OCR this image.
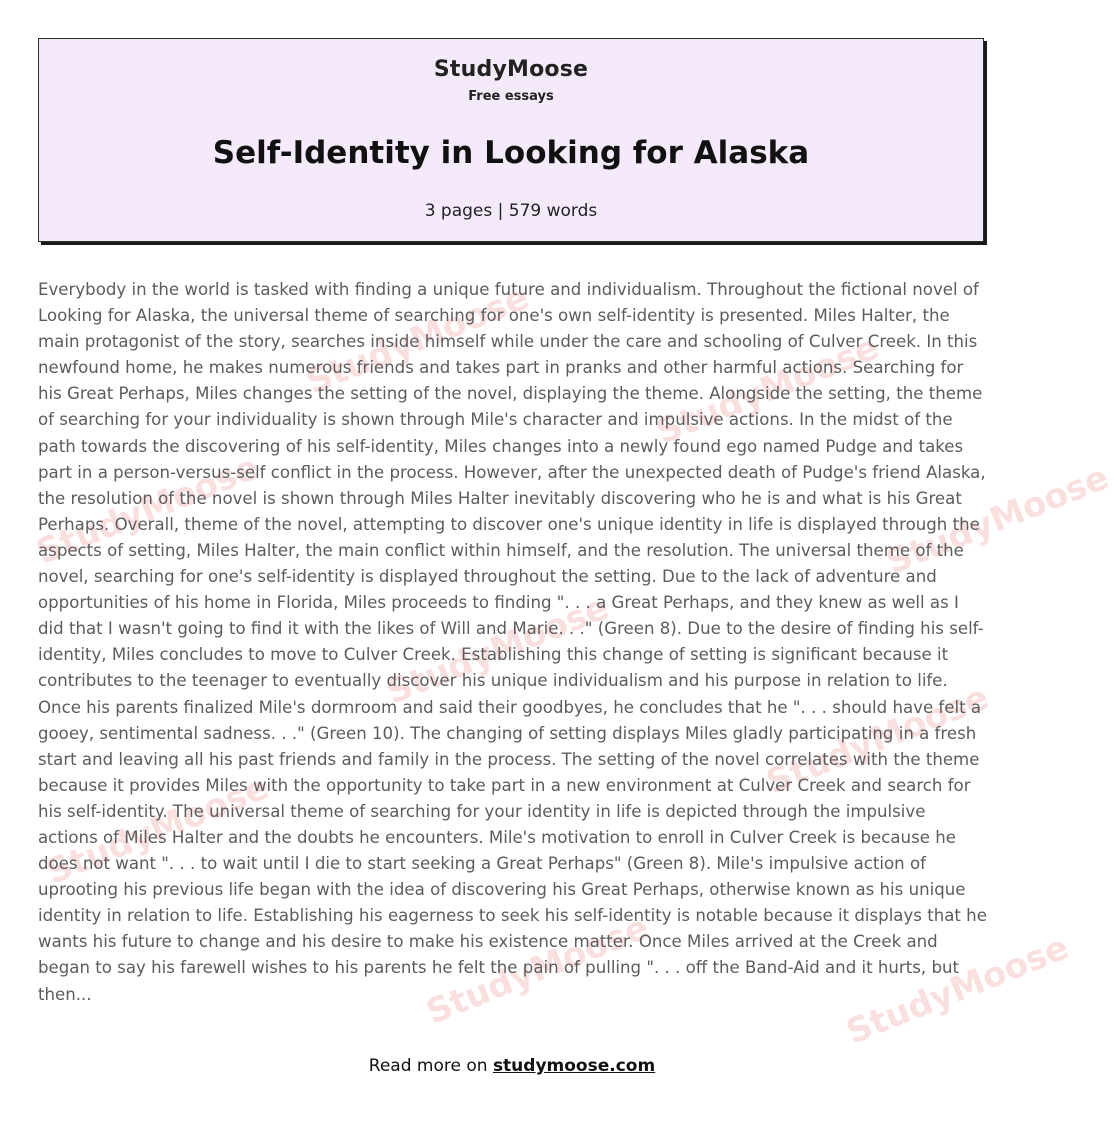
StudyMoose
Free essays
Self-Identity in Looking for Alaska
3 pages | 579 words
StudyMoose	StudyMoose
StudyMoose
StudyMoose
StudyMoose
StudyMoose
StudyMoose
StudyMoose	StudyMoose

Everybody in the world is tasked with finding a unique future and individualism. Throughout the fictional novel of Looking for Alaska, the universal theme of searching for one's own self-identity is presented. Miles Halter, the main protagonist of the story, searches inside himself while under the care and schooling of Culver Creek. In this newfound home, he makes numerous friends and takes part in pranks and other harmful actions. Searching for his Great Perhaps, Miles changes the setting of the novel, displaying the theme. Alongside the setting, the theme of searching for your individuality is shown through Mile's character and impulsive actions. In the midst of the path towards the discovering of his self-identity, Miles changes into a newly found ego named Pudge and takes part in a person-versus-self conflict in the process. However, after the unexpected death of Pudge's friend Alaska, the resolution of the novel is shown through Miles Halter inevitably discovering who he is and what is his Great Perhaps. Overall, theme of the novel, attempting to discover one's unique identity in life is displayed through the aspects of setting, Miles Halter, the main conflict within himself, and the resolution. The universal theme of the novel, searching for one's self-identity is displayed throughout the setting. Due to the lack of adventure and opportunities of his home in Florida, Miles proceeds to finding ". . . a Great Perhaps, and they knew as well as I did that I wasn't going to find it with the likes of Will and Marie. . ." (Green 8). Due to the desire of finding his self-identity, Miles concludes to move to Culver Creek. Establishing this change of setting is significant because it contributes to the teenager to eventually discover his unique individualism and his purpose in relation to life. Once his parents finalized Mile's dormroom and said their goodbyes, he concludes that he ". . . should have felt a gooey, sentimental sadness. . ." (Green 10). The changing of setting displays Miles gladly participating in a fresh start and leaving all his past friends and family in the process. The setting of the novel correlates with the theme because it provides Miles with the opportunity to take part in a new environment at Culver Creek and search for his self-identity. The universal theme of searching for your identity in life is depicted through the impulsive actions of Miles Halter and the doubts he encounters. Mile's motivation to enroll in Culver Creek is because he does not want ". . . to wait until I die to start seeking a Great Perhaps" (Green 8). Mile's impulsive action of uprooting his previous life began with the idea of discovering his Great Perhaps, otherwise known as his unique identity in relation to life. Establishing his eagerness to seek his self-identity is notable because it displays that he wants his future to change and his desire to make his existence matter. Once Miles arrived at the Creek and began to say his farewell wishes to his parents he felt the pain of pulling ". . . off the Band-Aid and it hurts, but then...

Read more on studymoose.com
